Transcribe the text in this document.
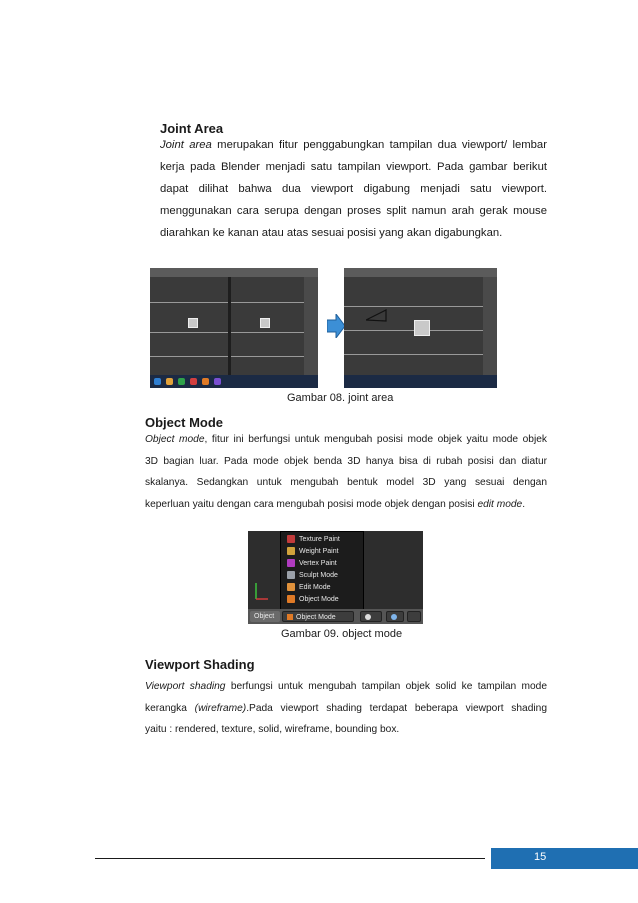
Joint Area
Joint area merupakan fitur penggabungkan tampilan dua viewport/ lembar
kerja pada Blender menjadi satu tampilan viewport. Pada gambar berikut
dapat dilihat bahwa dua viewport digabung menjadi satu viewport.
menggunakan cara serupa dengan proses split namun arah gerak mouse
diarahkan ke kanan atau atas sesuai posisi yang akan digabungkan.
Gambar 08. joint area
Object Mode
Object mode, fitur ini berfungsi untuk mengubah posisi mode objek yaitu mode objek
3D bagian luar. Pada mode objek benda 3D hanya bisa di rubah posisi dan diatur
skalanya. Sedangkan untuk mengubah bentuk model 3D yang sesuai dengan
keperluan yaitu dengan cara mengubah posisi mode objek dengan posisi edit mode.
Texture Paint
Weight Paint
Vertex Paint
Sculpt Mode
Edit Mode
Object Mode
Object	Object Mode
Gambar 09. object mode
Viewport Shading
Viewport shading berfungsi untuk mengubah tampilan objek solid ke tampilan mode
kerangka (wireframe).Pada viewport shading terdapat beberapa viewport shading
yaitu : rendered, texture, solid, wireframe, bounding box.
15
